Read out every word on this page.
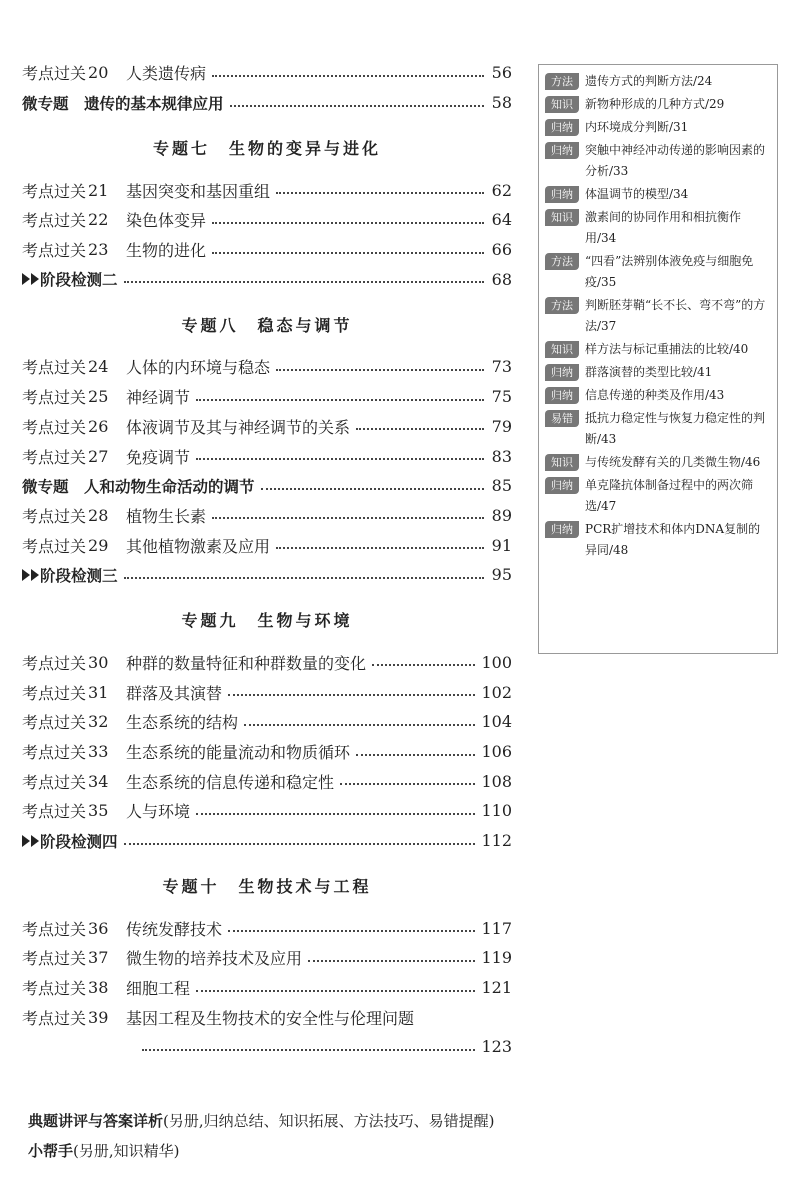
考点过关 20	人类遗传病	56
微专题　遗传的基本规律应用	58
专题七　生物的变异与进化
考点过关 21	基因突变和基因重组	62
考点过关 22	染色体变异	64
考点过关 23	生物的进化	66
阶段检测二	68
专题八　稳态与调节
考点过关 24	人体的内环境与稳态	73
考点过关 25	神经调节	75
考点过关 26	体液调节及其与神经调节的关系	79
考点过关 27	免疫调节	83
微专题　人和动物生命活动的调节	85
考点过关 28	植物生长素	89
考点过关 29	其他植物激素及应用	91
阶段检测三	95
专题九　生物与环境
考点过关 30	种群的数量特征和种群数量的变化	100
考点过关 31	群落及其演替	102
考点过关 32	生态系统的结构	104
考点过关 33	生态系统的能量流动和物质循环	106
考点过关 34	生态系统的信息传递和稳定性	108
考点过关 35	人与环境	110
阶段检测四	112
专题十　生物技术与工程
考点过关 36	传统发酵技术	117
考点过关 37	微生物的培养技术及应用	119
考点过关 38	细胞工程	121
考点过关 39	基因工程及生物技术的安全性与伦理问题
123
方法	遗传方式的判断方法/24
知识	新物种形成的几种方式/29
归纳	内环境成分判断/31
归纳	突触中神经冲动传递的影响因素的分析/33
归纳	体温调节的模型/34
知识	激素间的协同作用和相抗衡作用/34
方法	“四看”法辨别体液免疫与细胞免疫/35
方法	判断胚芽鞘“长不长、弯不弯”的方法/37
知识	样方法与标记重捕法的比较/40
归纳	群落演替的类型比较/41
归纳	信息传递的种类及作用/43
易错	抵抗力稳定性与恢复力稳定性的判断/43
知识	与传统发酵有关的几类微生物/46
归纳	单克隆抗体制备过程中的两次筛选/47
归纳	PCR扩增技术和体内DNA复制的异同/48
典题讲评与答案详析(另册,归纳总结、知识拓展、方法技巧、易错提醒)
小帮手(另册,知识精华)
